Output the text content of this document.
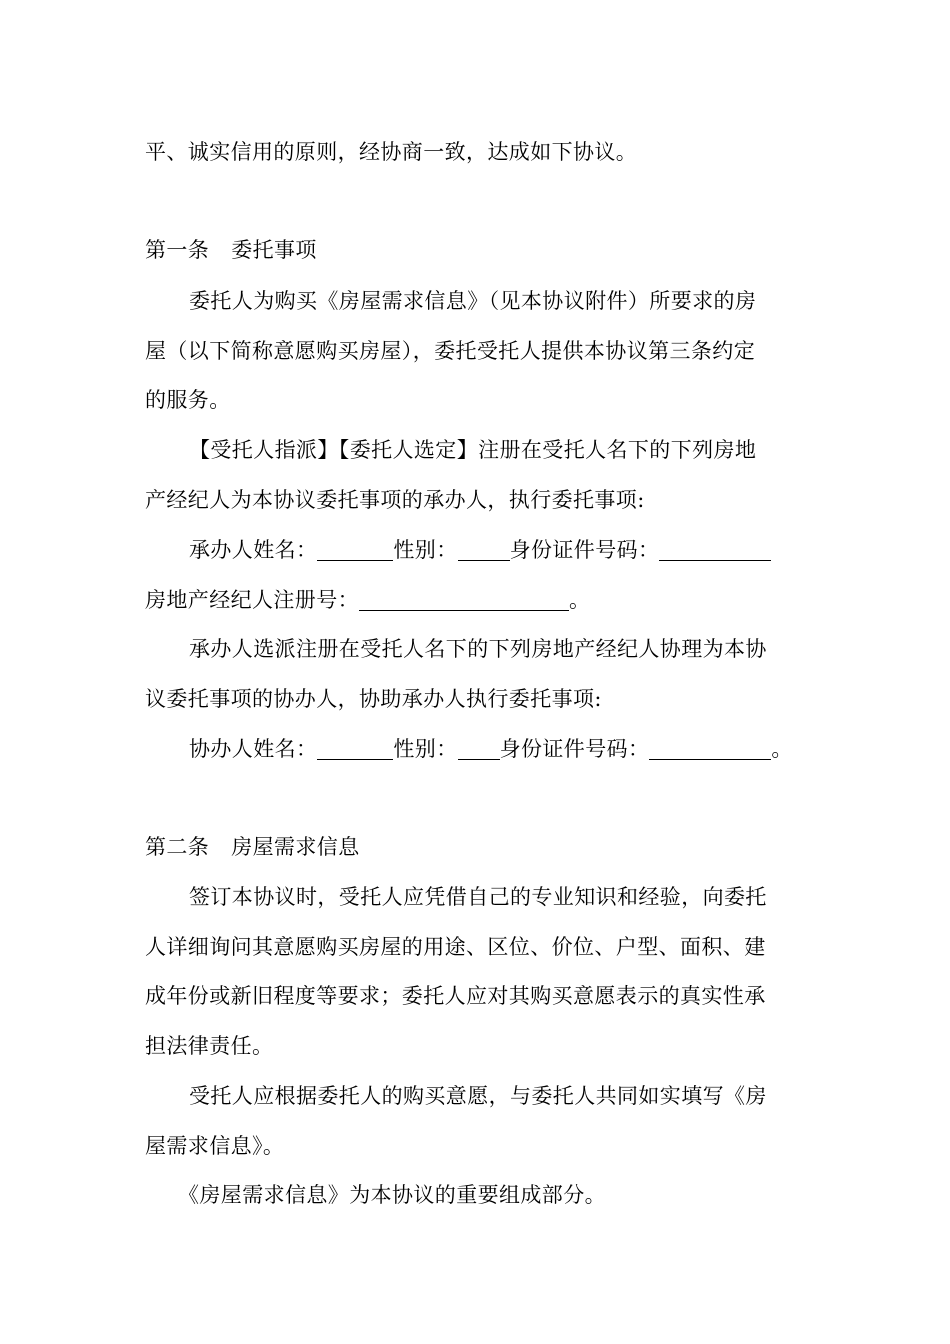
平、诚实信用的原则，经协商一致，达成如下协议。
第一条 委托事项
委托人为购买《房屋需求信息》（见本协议附件）所要求的房
屋（以下简称意愿购买房屋），委托受托人提供本协议第三条约定
的服务。
【受托人指派】【委托人选定】注册在受托人名下的下列房地
产经纪人为本协议委托事项的承办人，执行委托事项:
承办人姓名：	性别： 身份证件号码：
房地产经纪人注册号：	。
承办人选派注册在受托人名下的下列房地产经纪人协理为本协
议委托事项的协办人，协助承办人执行委托事项:
协办人姓名：	性别： 身份证件号码：	。
第二条 房屋需求信息
签订本协议时，受托人应凭借自己的专业知识和经验，向委托
人详细询问其意愿购买房屋的用途、区位、价位、户型、面积、建
成年份或新旧程度等要求；委托人应对其购买意愿表示的真实性承
担法律责任。
受托人应根据委托人的购买意愿，与委托人共同如实填写《房
屋需求信息》。
《房屋需求信息》为本协议的重要组成部分。
